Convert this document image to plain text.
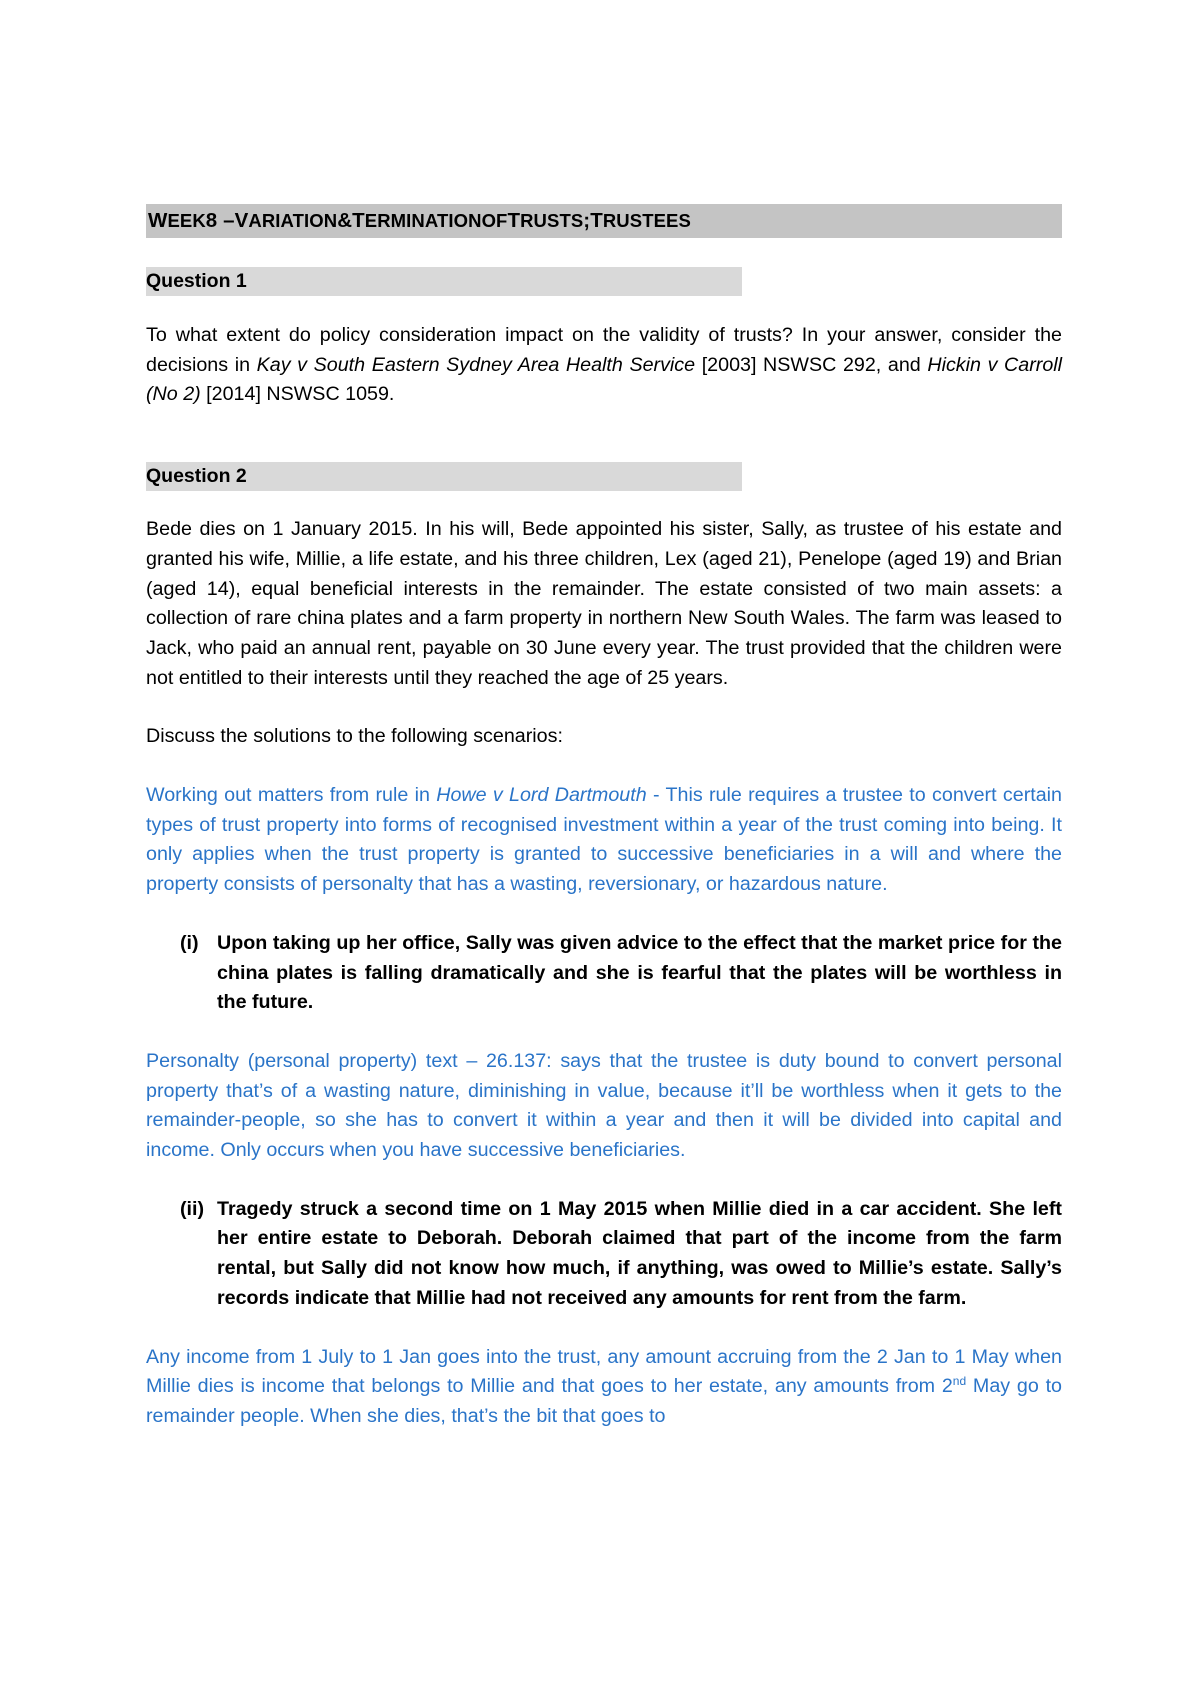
W EEK 8 – V ARIATION & T ERMINATION OF T RUSTS ; T RUSTEES
Question 1

To what extent do policy consideration impact on the validity of trusts? In your answer, consider the decisions in Kay v South Eastern Sydney Area Health Service [2003] NSWSC 292, and Hickin v Carroll (No 2) [2014] NSWSC 1059.

Question 2

Bede dies on 1 January 2015. In his will, Bede appointed his sister, Sally, as trustee of his estate and granted his wife, Millie, a life estate, and his three children, Lex (aged 21), Penelope (aged 19) and Brian (aged 14), equal beneficial interests in the remainder. The estate consisted of two main assets: a collection of rare china plates and a farm property in northern New South Wales. The farm was leased to Jack, who paid an annual rent, payable on 30 June every year. The trust provided that the children were not entitled to their interests until they reached the age of 25 years.

Discuss the solutions to the following scenarios:

Working out matters from rule in Howe v Lord Dartmouth - This rule requires a trustee to convert certain types of trust property into forms of recognised investment within a year of the trust coming into being. It only applies when the trust property is granted to successive beneficiaries in a will and where the property consists of personalty that has a wasting, reversionary, or hazardous nature.

(i) Upon taking up her office, Sally was given advice to the effect that the market price for the china plates is falling dramatically and she is fearful that the plates will be worthless in the future.

Personalty (personal property) text – 26.137: says that the trustee is duty bound to convert personal property that’s of a wasting nature, diminishing in value, because it’ll be worthless when it gets to the remainder-people, so she has to convert it within a year and then it will be divided into capital and income. Only occurs when you have successive beneficiaries.

(ii) Tragedy struck a second time on 1 May 2015 when Millie died in a car accident. She left her entire estate to Deborah. Deborah claimed that part of the income from the farm rental, but Sally did not know how much, if anything, was owed to Millie’s estate. Sally’s records indicate that Millie had not received any amounts for rent from the farm.

Any income from 1 July to 1 Jan goes into the trust, any amount accruing from the 2 Jan to 1 May when Millie dies is income that belongs to Millie and that goes to her estate, any amounts from 2nd May go to remainder people. When she dies, that’s the bit that goes to
